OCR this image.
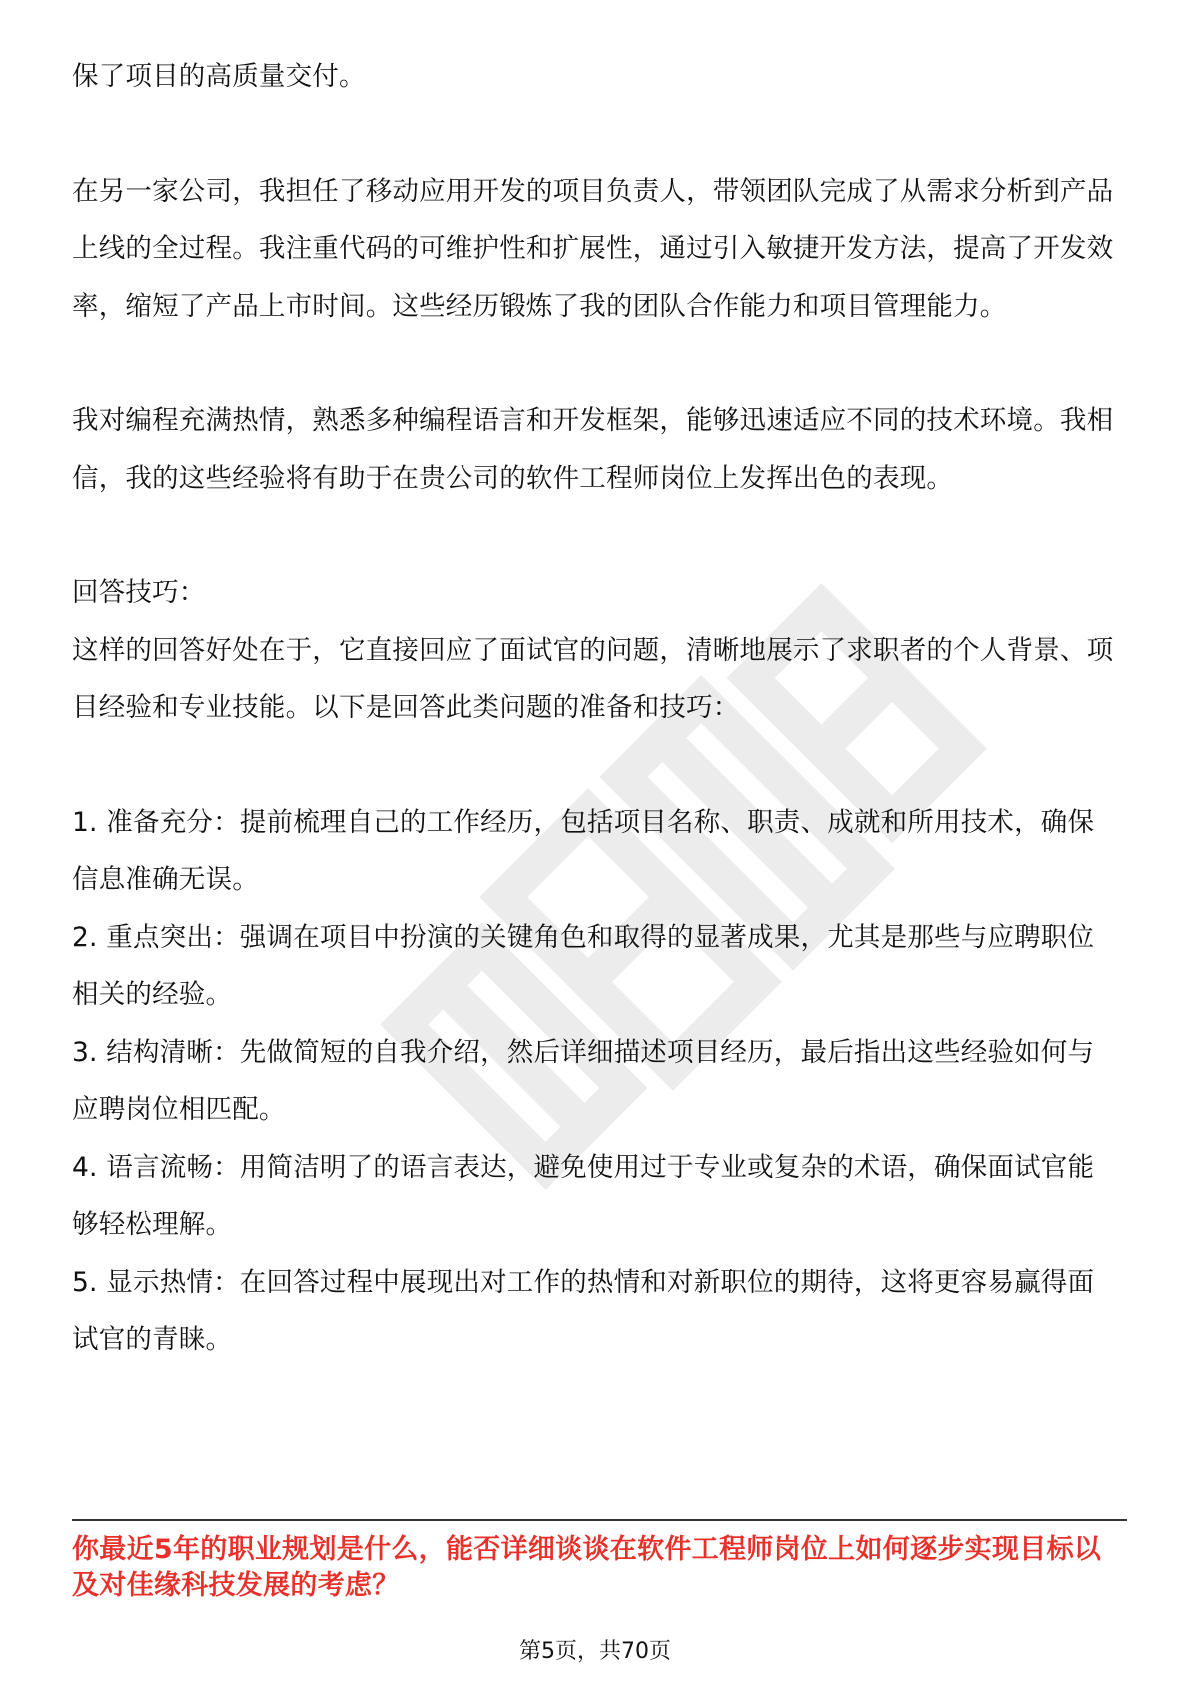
保了项目的高质量交付。

在另一家公司，我担任了移动应用开发的项目负责人，带领团队完成了从需求分析到产品上线的全过程。我注重代码的可维护性和扩展性，通过引入敏捷开发方法，提高了开发效率，缩短了产品上市时间。这些经历锻炼了我的团队合作能力和项目管理能力。

我对编程充满热情，熟悉多种编程语言和开发框架，能够迅速适应不同的技术环境。我相信，我的这些经验将有助于在贵公司的软件工程师岗位上发挥出色的表现。

回答技巧：

这样的回答好处在于，它直接回应了面试官的问题，清晰地展示了求职者的个人背景、项目经验和专业技能。以下是回答此类问题的准备和技巧：

1. 准备充分：提前梳理自己的工作经历，包括项目名称、职责、成就和所用技术，确保信息准确无误。
2. 重点突出：强调在项目中扮演的关键角色和取得的显著成果，尤其是那些与应聘职位相关的经验。
3. 结构清晰：先做简短的自我介绍，然后详细描述项目经历，最后指出这些经验如何与应聘岗位相匹配。
4. 语言流畅：用简洁明了的语言表达，避免使用过于专业或复杂的术语，确保面试官能够轻松理解。
5. 显示热情：在回答过程中展现出对工作的热情和对新职位的期待，这将更容易赢得面试官的青睐。
你最近5年的职业规划是什么，能否详细谈谈在软件工程师岗位上如何逐步实现目标以及对佳缘科技发展的考虑？
第5页，共70页
